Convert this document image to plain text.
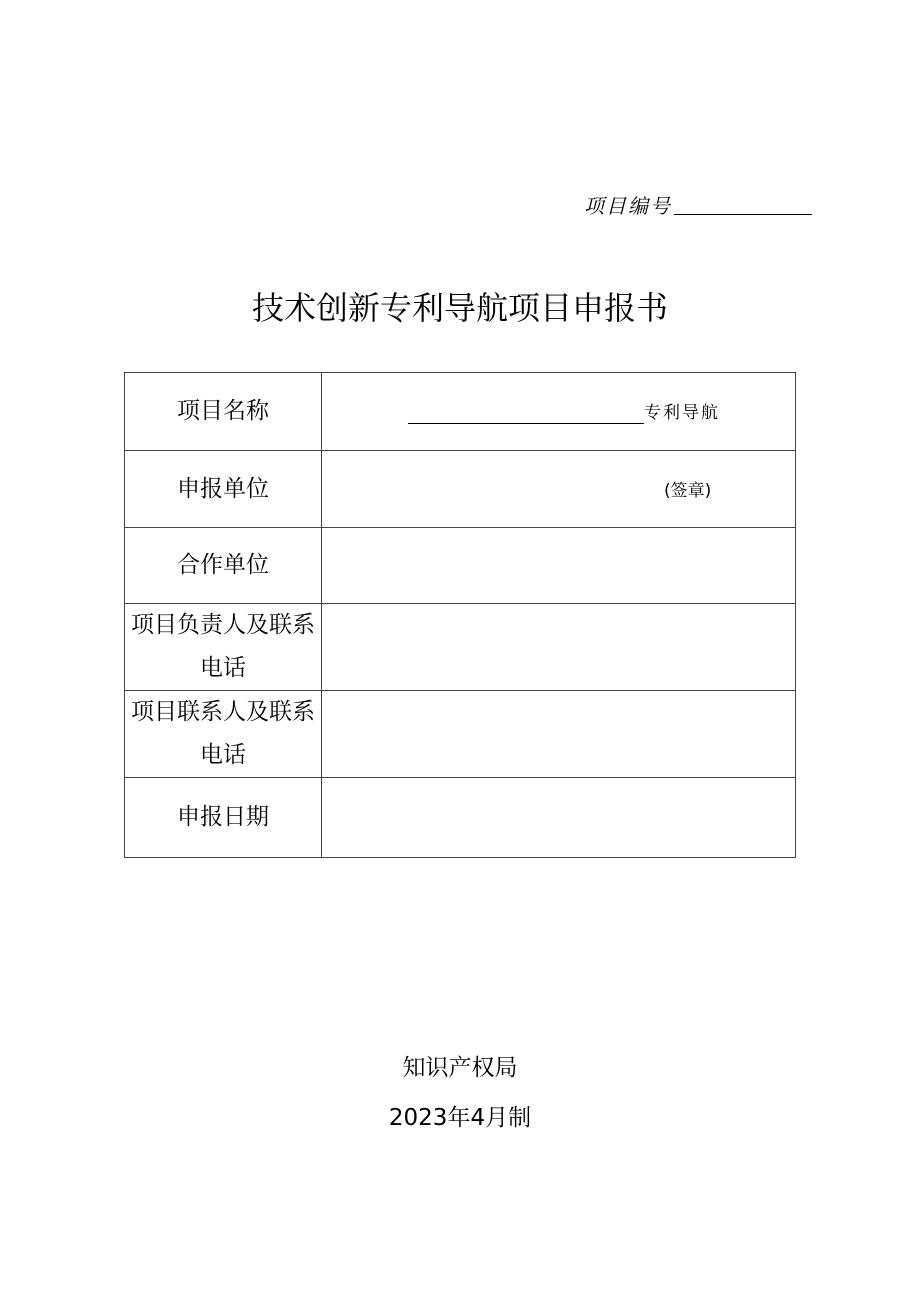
项目编号
技术创新专利导航项目申报书
项目名称	专利导航

申报单位	(签章)

合作单位	
项目负责人及联系电话	
项目联系人及联系电话	
申报日期	
知识产权局
2023年4月制
